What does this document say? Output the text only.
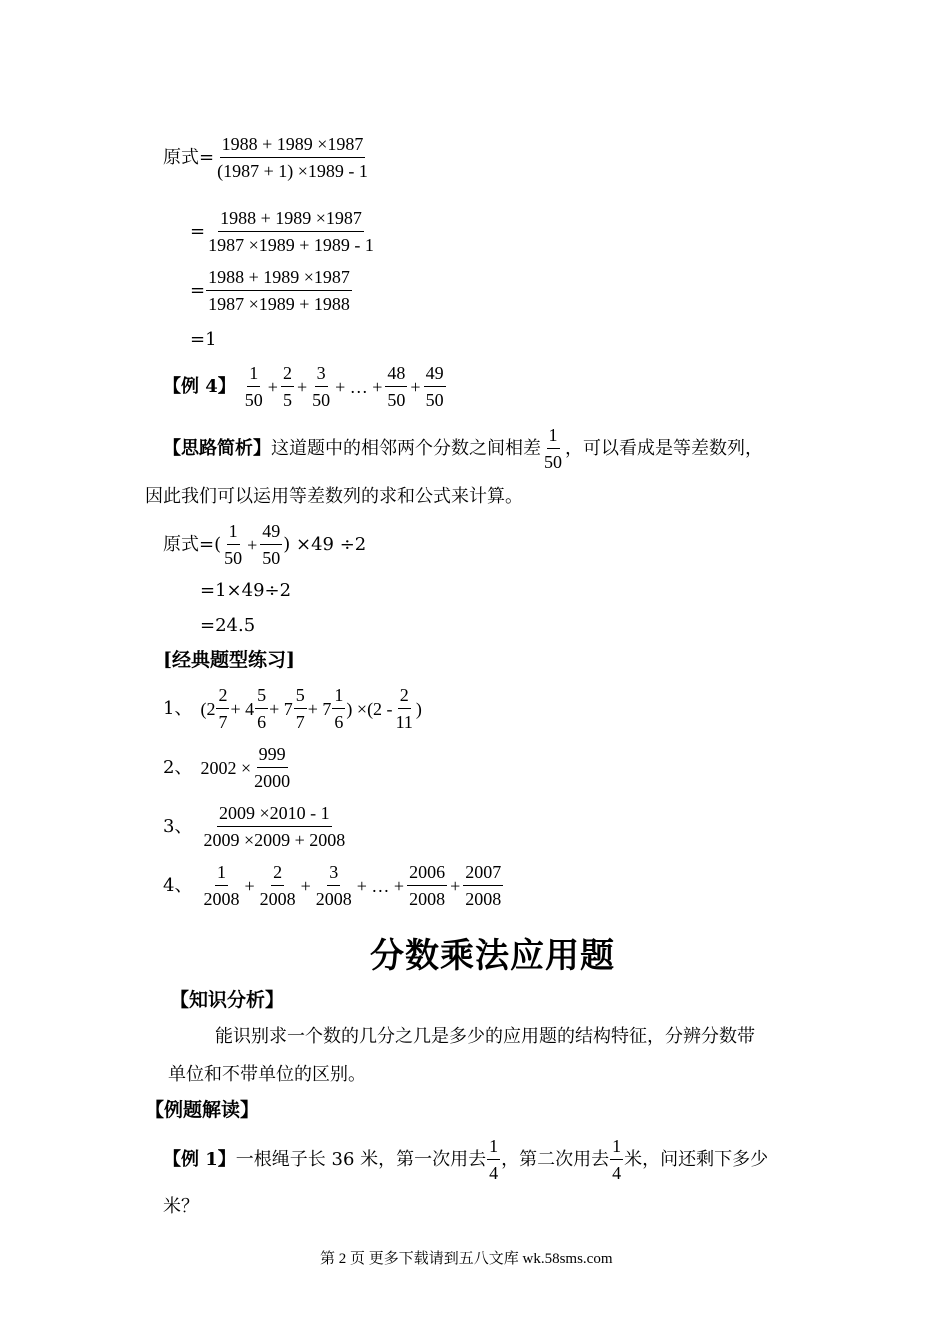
原式= $\frac{1988 + 1989 \times 1987}{(1987 + 1) \times 1989 - 1}$
= $\frac{1988 + 1989 \times 1987}{1987 \times 1989 + 1989 - 1}$
= $\frac{1988 + 1989 \times 1987}{1987 \times 1989 + 1988}$
=1
【例 4】 $\frac{1}{50} + \frac{2}{5} + \frac{3}{50}$ + … + $\frac{48}{50} + \frac{49}{50}$
【思路简析】 这道题中的相邻两个分数之间相差 $\frac{1}{50}$ ，可以看成是等差数列，
因此我们可以运用等差数列的求和公式来计算。
原式=( $\frac{1}{50} + \frac{49}{50}$ ) ×49 ÷2
=1×49÷2
=24.5
[经典题型练习]
1、 ($2 \frac{2}{7} + 4 \frac{5}{6} + 7 \frac{5}{7} + 7 \frac{1}{6}$ ) $\times(2 - \frac{2}{11}$ )
2、 $2002 \times \frac{999}{2000}$
3、 $\frac{2009 \times 2010 - 1}{2009 \times 2009 + 2008}$
4、 $\frac{1}{2008} + \frac{2}{2008} + \frac{3}{2008}$ + … + $\frac{2006}{2008} + \frac{2007}{2008}$
分数乘法应用题
【知识分析】
能识别求一个数的几分之几是多少的应用题的结构特征，分辨分数带
单位和不带单位的区别。
【例题解读】
【例 1】 一根绳子长 36 米，第一次用去 $\frac{1}{4}$ ，第二次用去 $\frac{1}{4}$ 米，问还剩下多少
米？
第 2 页 更多下载请到五八文库 wk.58sms.com
